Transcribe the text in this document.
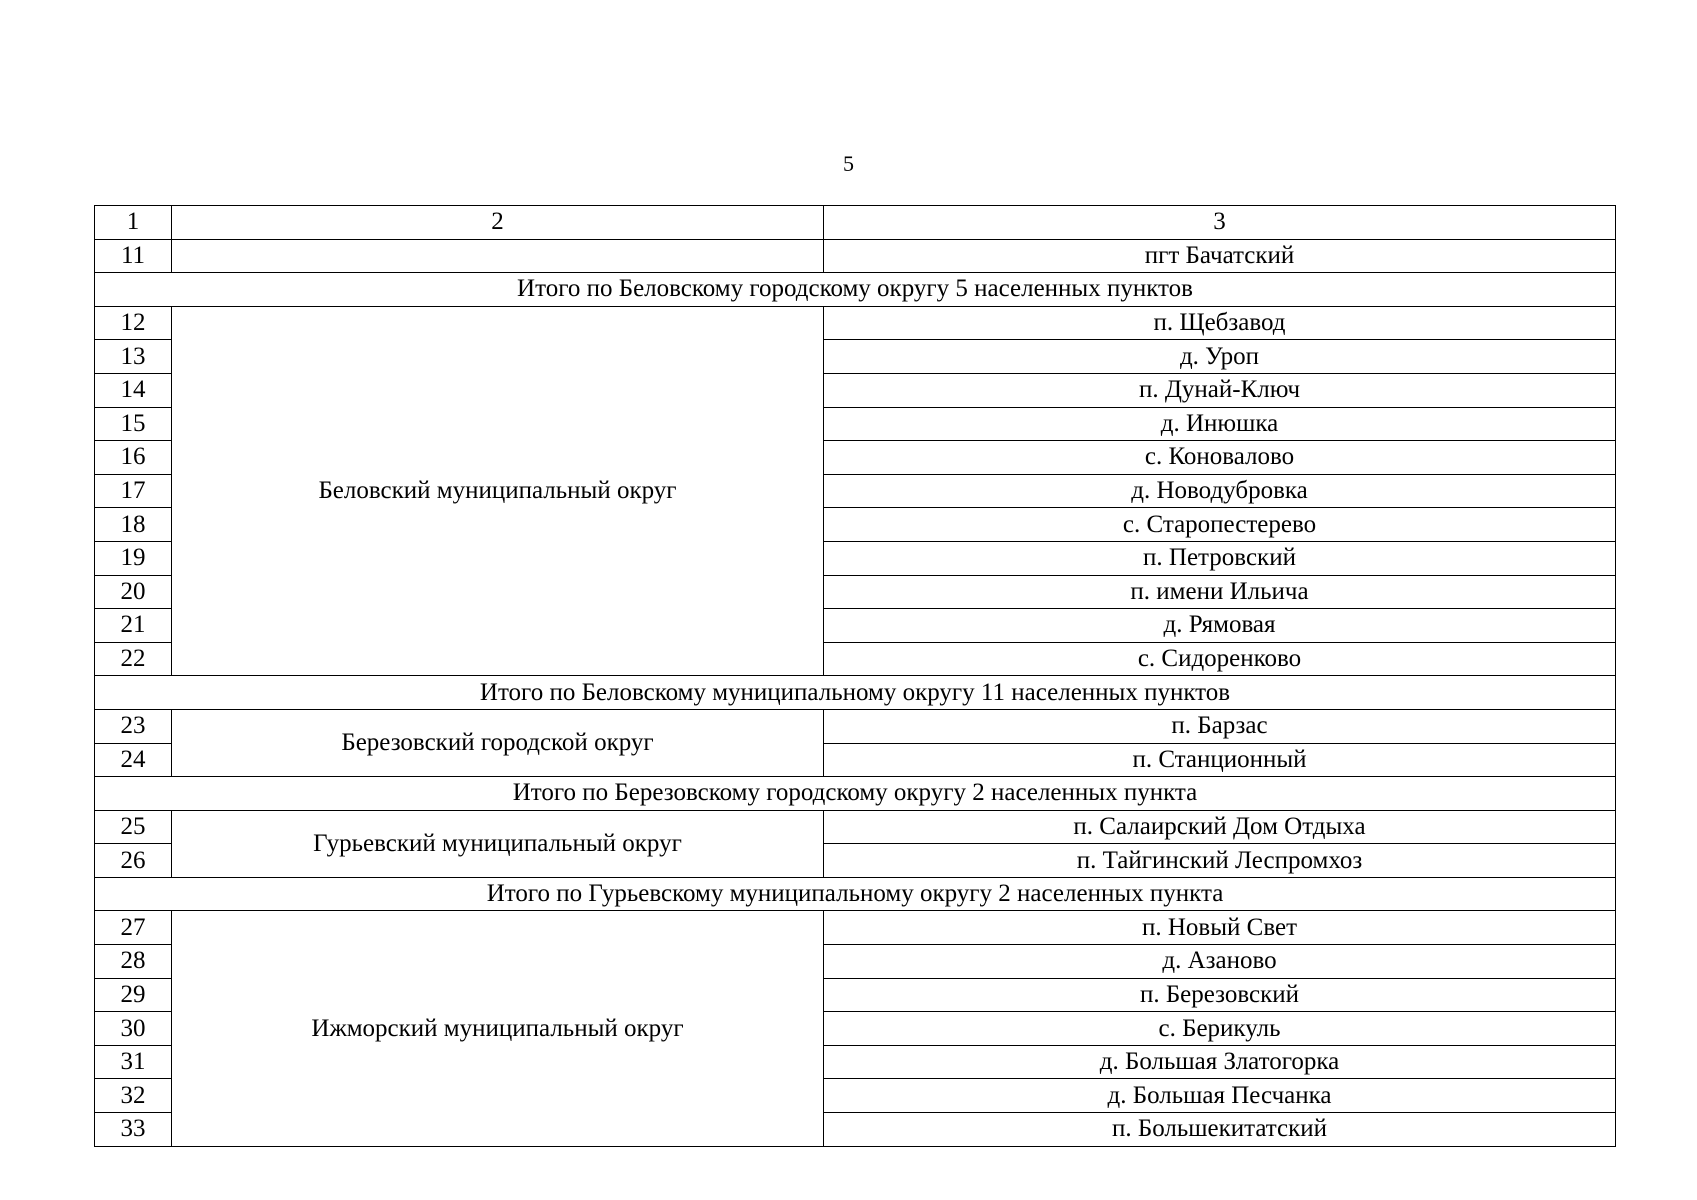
5
1	2	3
11		пгт Бачатский
Итого по Беловскому городскому округу 5 населенных пунктов		
12	Беловский муниципальный округ	п. Щебзавод
13		д. Уроп
14		п. Дунай-Ключ
15		д. Инюшка
16		с. Коновалово
17		д. Новодубровка
18		с. Старопестерево
19		п. Петровский
20		п. имени Ильича
21		д. Рямовая
22		с. Сидоренково
Итого по Беловскому муниципальному округу 11 населенных пунктов		
23	Березовский городской округ	п. Барзас
24		п. Станционный
Итого по Березовскому городскому округу 2 населенных пункта		
25	Гурьевский муниципальный округ	п. Салаирский Дом Отдыха
26		п. Тайгинский Леспромхоз
Итого по Гурьевскому муниципальному округу 2 населенных пункта		
27	Ижморский муниципальный округ	п. Новый Свет
28		д. Азаново
29		п. Березовский
30		с. Берикуль
31		д. Большая Златогорка
32		д. Большая Песчанка
33		п. Большекитатский
